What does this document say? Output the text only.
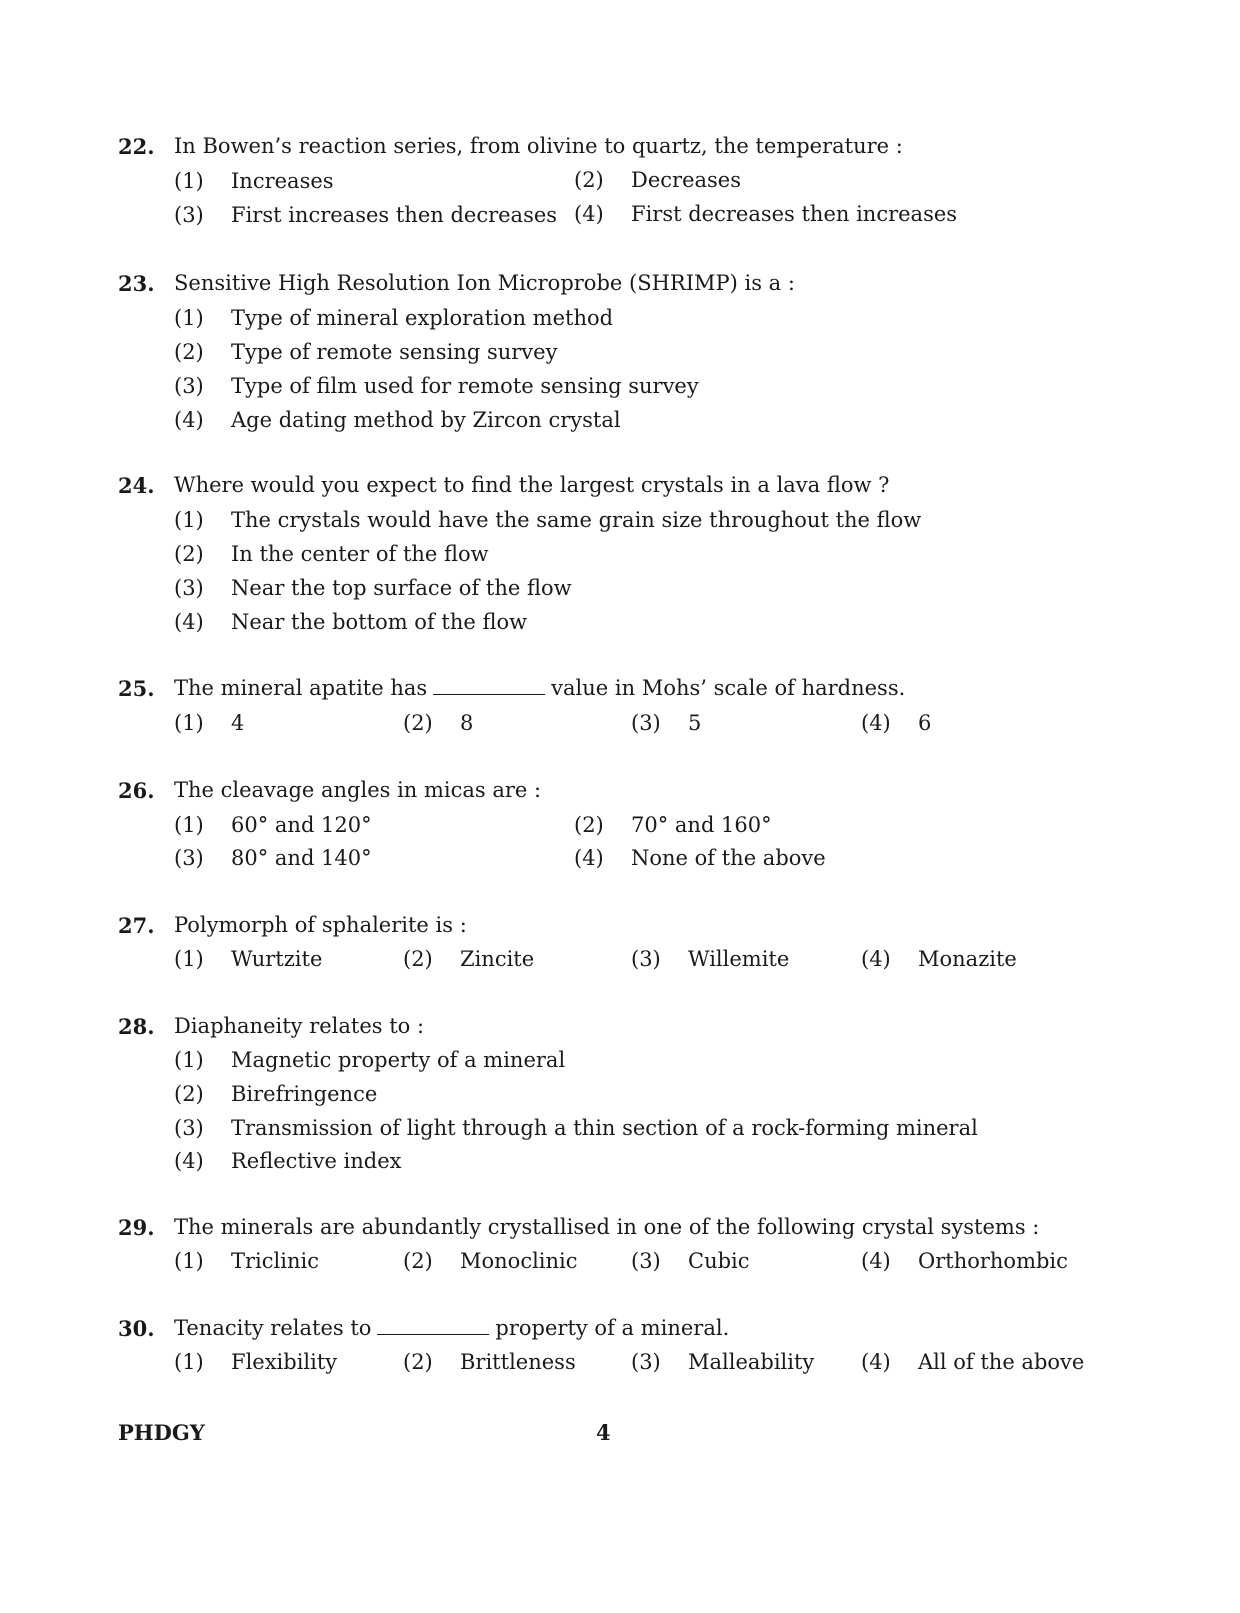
22. In Bowen’s reaction series, from olivine to quartz, the temperature :
(1) Increases	(2) Decreases
(3) First increases then decreases (4) First decreases then increases
23. Sensitive High Resolution Ion Microprobe (SHRIMP) is a :
(1) Type of mineral exploration method
(2) Type of remote sensing survey
(3) Type of film used for remote sensing survey
(4) Age dating method by Zircon crystal
24. Where would you expect to find the largest crystals in a lava flow ?
(1) The crystals would have the same grain size throughout the flow
(2) In the center of the flow
(3) Near the top surface of the flow
(4) Near the bottom of the flow
25. The mineral apatite has	value in Mohs’ scale of hardness.
(1) 4	(2) 8	(3) 5	(4) 6
26. The cleavage angles in micas are :
(1) 60° and 120°	(2) 70° and 160°
(3) 80° and 140°	(4) None of the above
27. Polymorph of sphalerite is :
(1) Wurtzite	(2) Zincite	(3) Willemite	(4) Monazite
28. Diaphaneity relates to :
(1) Magnetic property of a mineral
(2) Birefringence
(3) Transmission of light through a thin section of a rock-forming mineral
(4) Reflective index
29. The minerals are abundantly crystallised in one of the following crystal systems :
(1) Triclinic	(2) Monoclinic	(3) Cubic	(4) Orthorhombic
30. Tenacity relates to	property of a mineral.
(1) Flexibility	(2) Brittleness	(3) Malleability (4) All of the above
PHDGY	4
